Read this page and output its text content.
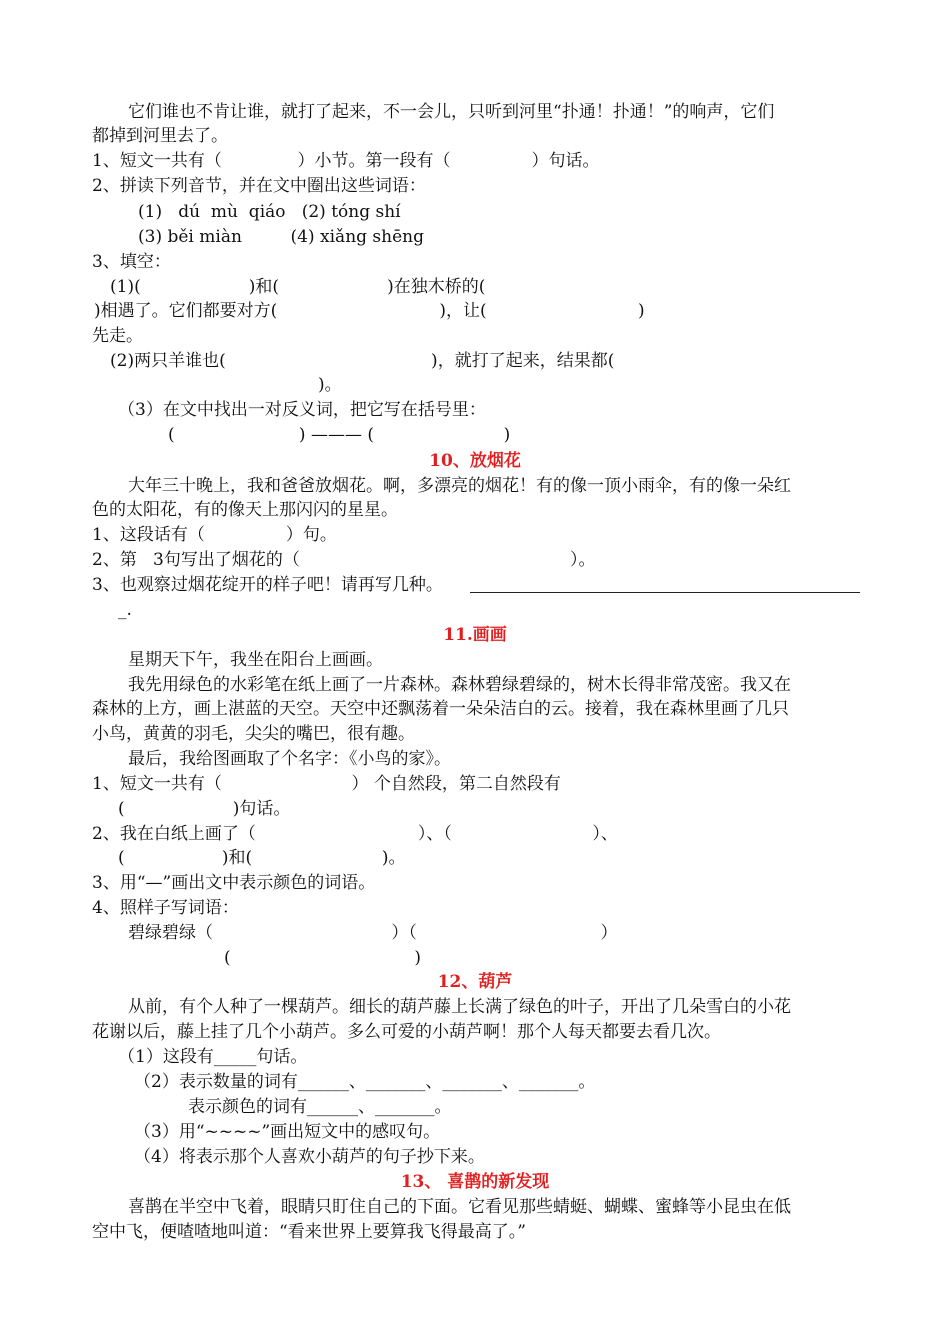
它们谁也不肯让谁，就打了起来，不一会儿，只听到河里“扑通！扑通！”的响声，它们
都掉到河里去了。
1、短文一共有（              ）小节。第一段有（               ）句话。
2、拼读下列音节，并在文中圈出这些词语：
(1)   dú  mù  qiáo   (2) tóng shí
(3) běi miàn         (4) xiǎng shēng
3、填空：
(1)(                    )和(                    )在独木桥的(
)相遇了。它们都要对方(                              )，让(                            )
先走。
(2)两只羊谁也(                                      )，就打了起来，结果都(
)。
（3）在文中找出一对反义词，把它写在括号里：
(                       ) ——— (                        )
10、放烟花
大年三十晚上，我和爸爸放烟花。啊，多漂亮的烟花！有的像一顶小雨伞，有的像一朵红
色的太阳花，有的像天上那闪闪的星星。
1、这段话有（               ）句。
2、第   3句写出了烟花的（                                                  ）。
3、也观察过烟花绽开的样子吧！请再写几种。
_.
11.画画
星期天下午，我坐在阳台上画画。
我先用绿色的水彩笔在纸上画了一片森林。森林碧绿碧绿的，树木长得非常茂密。我又在
森林的上方，画上湛蓝的天空。天空中还飘荡着一朵朵洁白的云。接着，我在森林里画了几只
小鸟，黄黄的羽毛，尖尖的嘴巴，很有趣。
最后，我给图画取了个名字：《小鸟的家》。
1、短文一共有（                        ） 个自然段，第二自然段有
(                    )句话。
2、我在白纸上画了（                              ）、（                          ）、
(                  )和(                        )。
3、用“—”画出文中表示颜色的词语。
4、照样子写词语：
碧绿碧绿（                                 ）（                                  ）
(                                  )
12、葫芦
从前，有个人种了一棵葫芦。细长的葫芦藤上长满了绿色的叶子，开出了几朵雪白的小花
花谢以后，藤上挂了几个小葫芦。多么可爱的小葫芦啊！那个人每天都要去看几次。
（1）这段有_____句话。
（2）表示数量的词有______、_______、_______、_______。
表示颜色的词有______、_______。
（3）用“~~~~”画出短文中的感叹句。
（4）将表示那个人喜欢小葫芦的句子抄下来。
13、 喜鹊的新发现
喜鹊在半空中飞着，眼睛只盯住自己的下面。它看见那些蜻蜓、蝴蝶、蜜蜂等小昆虫在低
空中飞，便喳喳地叫道：“看来世界上要算我飞得最高了。”
